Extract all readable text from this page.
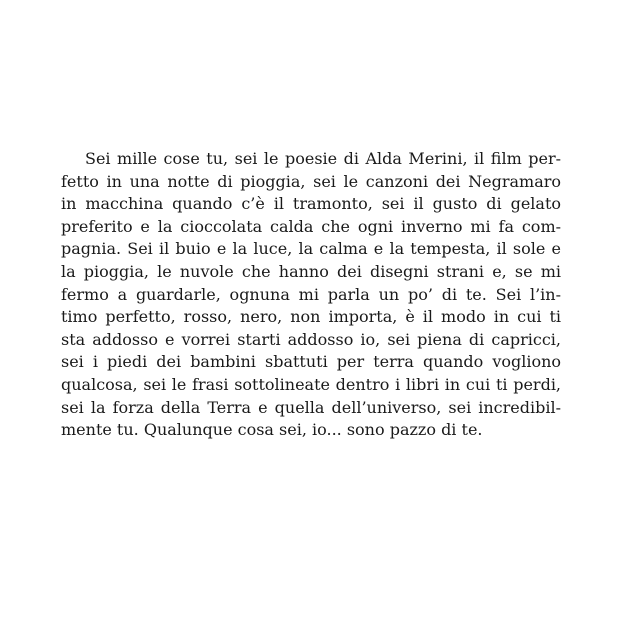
Sei mille cose tu, sei le poesie di Alda Merini, il film per-
fetto in una notte di pioggia, sei le canzoni dei Negramaro
in macchina quando c’è il tramonto, sei il gusto di gelato
preferito e la cioccolata calda che ogni inverno mi fa com-
pagnia. Sei il buio e la luce, la calma e la tempesta, il sole e
la pioggia, le nuvole che hanno dei disegni strani e, se mi
fermo a guardarle, ognuna mi parla un po’ di te. Sei l’in-
timo perfetto, rosso, nero, non importa, è il modo in cui ti
sta addosso e vorrei starti addosso io, sei piena di capricci,
sei i piedi dei bambini sbattuti per terra quando vogliono
qualcosa, sei le frasi sottolineate dentro i libri in cui ti perdi,
sei la forza della Terra e quella dell’universo, sei incredibil-
mente tu. Qualunque cosa sei, io... sono pazzo di te.
